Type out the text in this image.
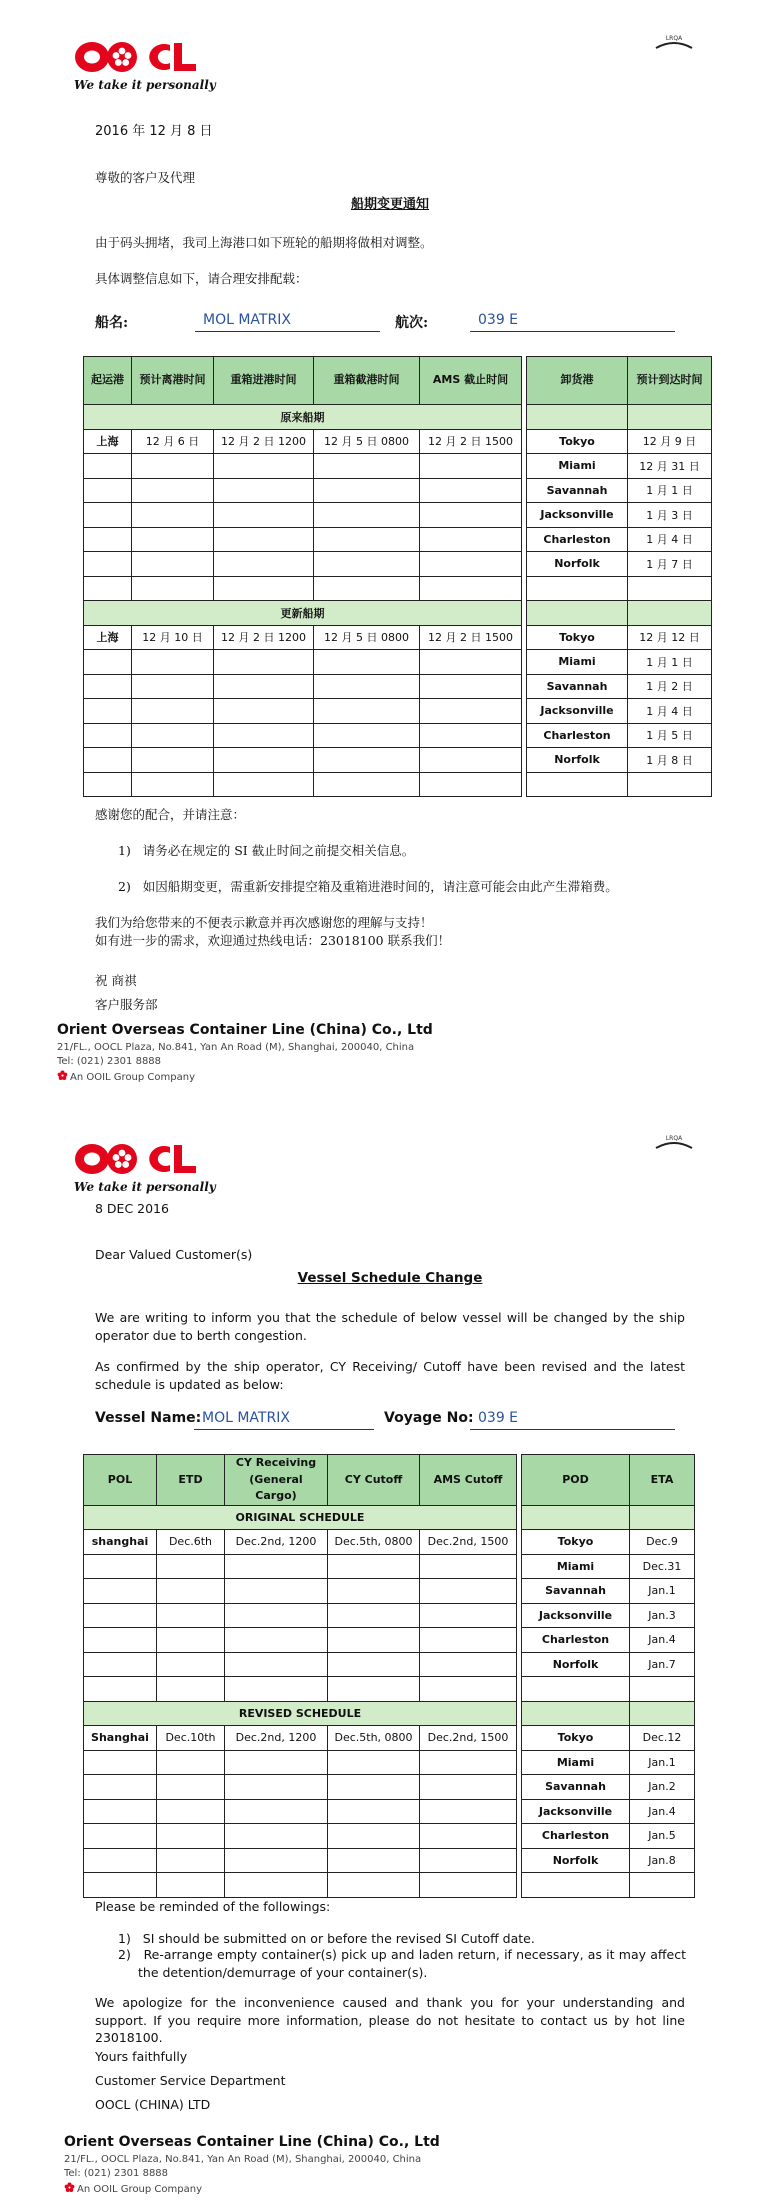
We take it personally
LRQA
2016 年 12 月 8 日
尊敬的客户及代理
船期变更通知
由于码头拥堵，我司上海港口如下班轮的船期将做相对调整。
具体调整信息如下，请合理安排配载：
船名:	MOL MATRIX	航次:	039 E
起运港	预计离港时间	重箱进港时间	重箱截港时间	AMS 截止时间		卸货港	预计到达时间
原来船期							
上海	12 月 6 日	12 月 2 日 1200	12 月 5 日 0800	12 月 2 日 1500		Tokyo	12 月 9 日
						Miami	12 月 31 日
						Savannah	1 月 1 日
						Jacksonville	1 月 3 日
						Charleston	1 月 4 日
						Norfolk	1 月 7 日

更新船期							
上海	12 月 10 日	12 月 2 日 1200	12 月 5 日 0800	12 月 2 日 1500		Tokyo	12 月 12 日
						Miami	1 月 1 日
						Savannah	1 月 2 日
						Jacksonville	1 月 4 日
						Charleston	1 月 5 日
						Norfolk	1 月 8 日

感谢您的配合，并请注意：
1) 请务必在规定的 SI 截止时间之前提交相关信息。
2) 如因船期变更，需重新安排提空箱及重箱进港时间的，请注意可能会由此产生滞箱费。
我们为给您带来的不便表示歉意并再次感谢您的理解与支持！
如有进一步的需求，欢迎通过热线电话：23018100 联系我们！
祝 商祺
客户服务部
Orient Overseas Container Line (China) Co., Ltd
21/FL., OOCL Plaza, No.841, Yan An Road (M), Shanghai, 200040, China
Tel: (021) 2301 8888
An OOIL Group Company
We take it personally
LRQA
8 DEC 2016
Dear Valued Customer(s)
Vessel Schedule Change
We are writing to inform you that the schedule of below vessel will be changed by the ship operator due to berth congestion.
As confirmed by the ship operator, CY Receiving/ Cutoff have been revised and the latest schedule is updated as below:
Vessel Name: MOL MATRIX	Voyage No: 039 E
POL	ETD	CY Receiving (General Cargo)	CY Cutoff	AMS Cutoff		POD	ETA
ORIGINAL SCHEDULE							
shanghai	Dec.6th	Dec.2nd, 1200	Dec.5th, 0800	Dec.2nd, 1500		Tokyo	Dec.9
						Miami	Dec.31
						Savannah	Jan.1
						Jacksonville	Jan.3
						Charleston	Jan.4
						Norfolk	Jan.7

REVISED SCHEDULE							
Shanghai	Dec.10th	Dec.2nd, 1200	Dec.5th, 0800	Dec.2nd, 1500		Tokyo	Dec.12
						Miami	Jan.1
						Savannah	Jan.2
						Jacksonville	Jan.4
						Charleston	Jan.5
						Norfolk	Jan.8

Please be reminded of the followings:
1) SI should be submitted on or before the revised SI Cutoff date.
2) Re-arrange empty container(s) pick up and laden return, if necessary, as it may affect the detention/demurrage of your container(s).
We apologize for the inconvenience caused and thank you for your understanding and support. If you require more information, please do not hesitate to contact us by hot line 23018100.
Yours faithfully
Customer Service Department
OOCL (CHINA) LTD
Orient Overseas Container Line (China) Co., Ltd
21/FL., OOCL Plaza, No.841, Yan An Road (M), Shanghai, 200040, China
Tel: (021) 2301 8888
An OOIL Group Company
